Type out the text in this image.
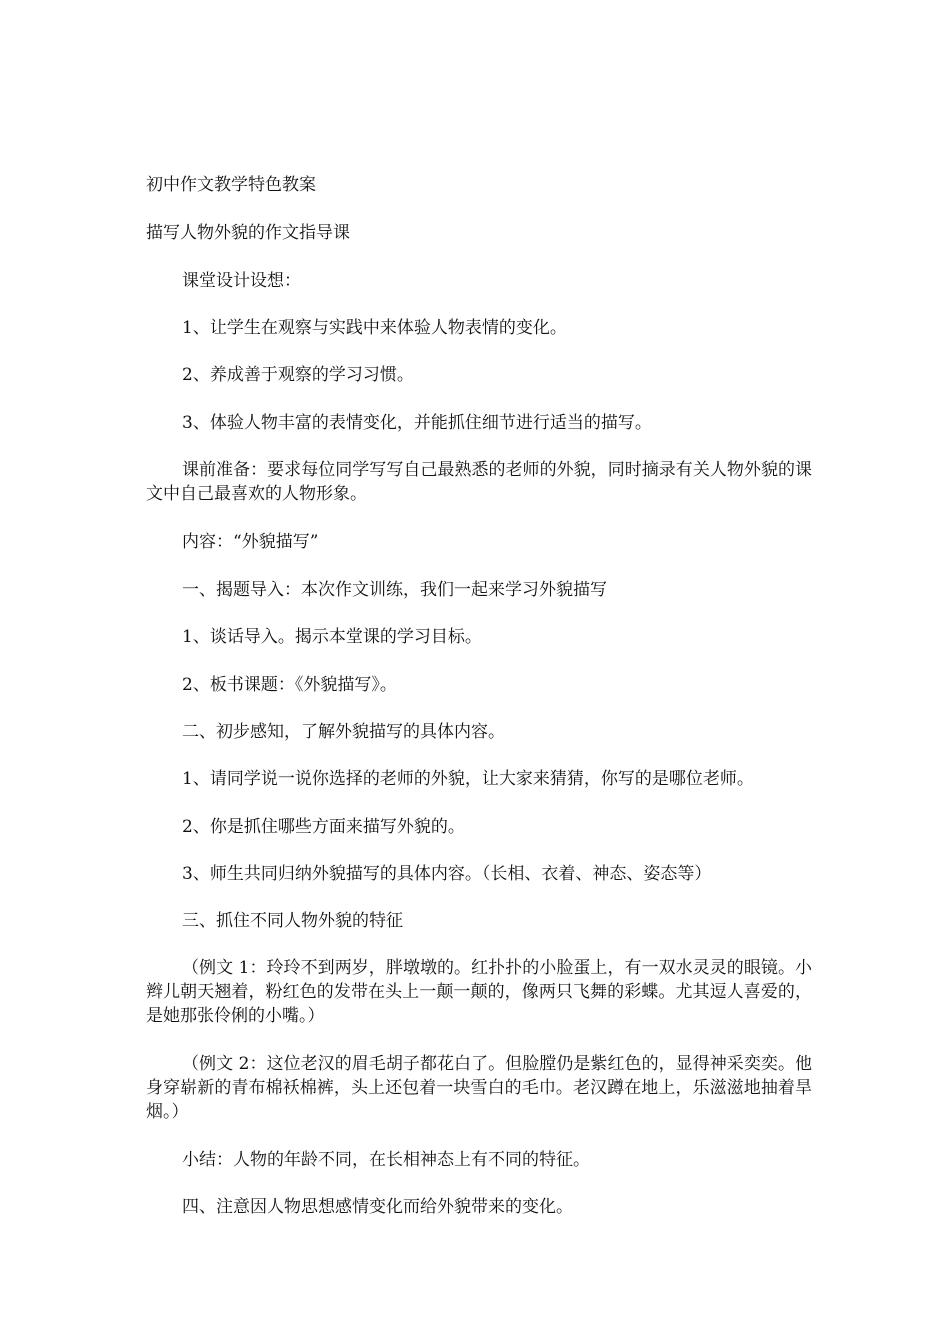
初中作文教学特色教案

描写人物外貌的作文指导课

课堂设计设想：

1、让学生在观察与实践中来体验人物表情的变化。

2、养成善于观察的学习习惯。

3、体验人物丰富的表情变化，并能抓住细节进行适当的描写。

课前准备：要求每位同学写写自己最熟悉的老师的外貌，同时摘录有关人物外貌的课文中自己最喜欢的人物形象。

内容：“外貌描写”

一、揭题导入：本次作文训练，我们一起来学习外貌描写

1、谈话导入。揭示本堂课的学习目标。

2、板书课题：《外貌描写》。

二、初步感知，了解外貌描写的具体内容。

1、请同学说一说你选择的老师的外貌，让大家来猜猜，你写的是哪位老师。

2、你是抓住哪些方面来描写外貌的。

3、师生共同归纳外貌描写的具体内容。（长相、衣着、神态、姿态等）

三、抓住不同人物外貌的特征

（例文 1：玲玲不到两岁，胖墩墩的。红扑扑的小脸蛋上，有一双水灵灵的眼镜。小辫儿朝天翘着，粉红色的发带在头上一颠一颠的，像两只飞舞的彩蝶。尤其逗人喜爱的，是她那张伶俐的小嘴。）

（例文 2：这位老汉的眉毛胡子都花白了。但脸膛仍是紫红色的，显得神采奕奕。他身穿崭新的青布棉袄棉裤，头上还包着一块雪白的毛巾。老汉蹲在地上，乐滋滋地抽着旱烟。）

小结：人物的年龄不同，在长相神态上有不同的特征。

四、注意因人物思想感情变化而给外貌带来的变化。
